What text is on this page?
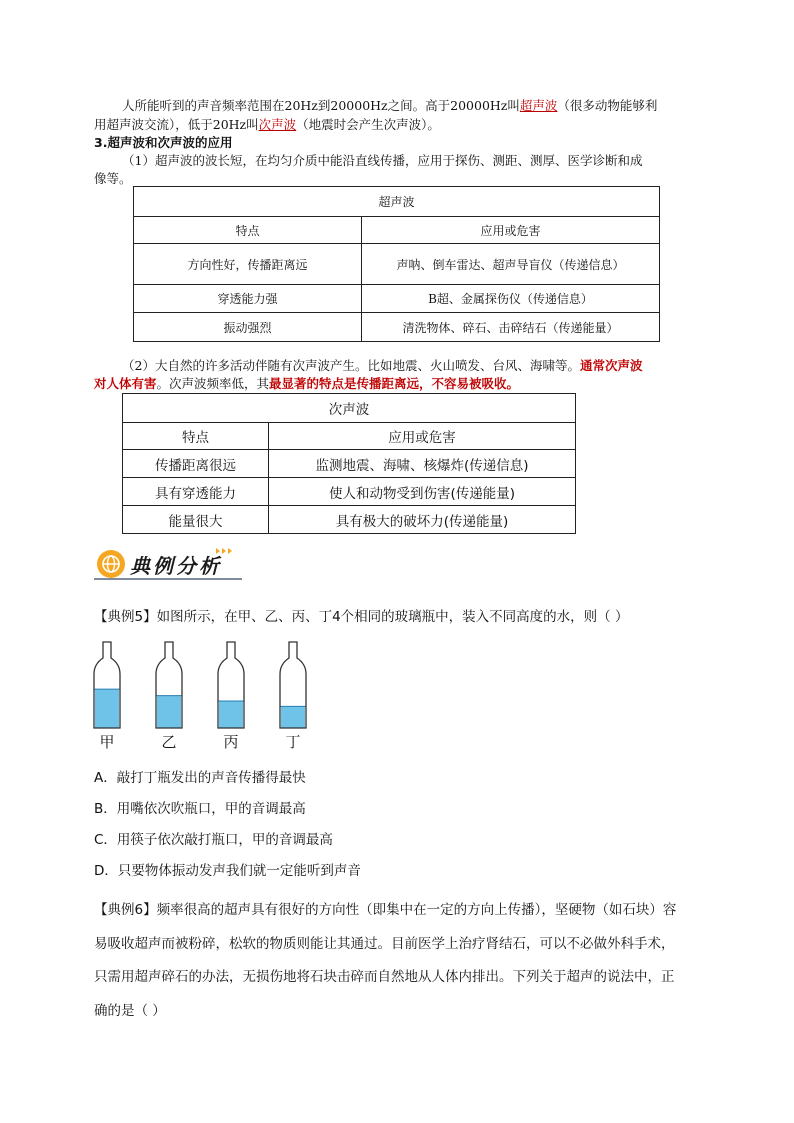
人所能听到的声音频率范围在20Hz到20000Hz之间。高于20000Hz叫超声波（很多动物能够利
用超声波交流），低于20Hz叫次声波（地震时会产生次声波）。
3.超声波和次声波的应用
（1）超声波的波长短，在均匀介质中能沿直线传播，应用于探伤、测距、测厚、医学诊断和成
像等。
超声波	
特点	应用或危害
方向性好，传播距离远	声呐、倒车雷达、超声导盲仪（传递信息）
穿透能力强	B超、金属探伤仪（传递信息）
振动强烈	清洗物体、碎石、击碎结石（传递能量）
（2）大自然的许多活动伴随有次声波产生。比如地震、火山喷发、台风、海啸等。通常次声波
对人体有害。次声波频率低，其最显著的特点是传播距离远，不容易被吸收。
次声波	
特点	应用或危害
传播距离很远	监测地震、海啸、核爆炸(传递信息)
具有穿透能力	使人和动物受到伤害(传递能量)
能量很大	具有极大的破坏力(传递能量)
典例分析
【典例5】如图所示，在甲、乙、丙、丁4个相同的玻璃瓶中，装入不同高度的水，则（ ）
甲	乙	丙	丁
A．敲打丁瓶发出的声音传播得最快
B．用嘴依次吹瓶口，甲的音调最高
C．用筷子依次敲打瓶口，甲的音调最高
D．只要物体振动发声我们就一定能听到声音
【典例6】频率很高的超声具有很好的方向性（即集中在一定的方向上传播），坚硬物（如石块）容
易吸收超声而被粉碎，松软的物质则能让其通过。目前医学上治疗肾结石，可以不必做外科手术，
只需用超声碎石的办法，无损伤地将石块击碎而自然地从人体内排出。下列关于超声的说法中，正
确的是（ ）
